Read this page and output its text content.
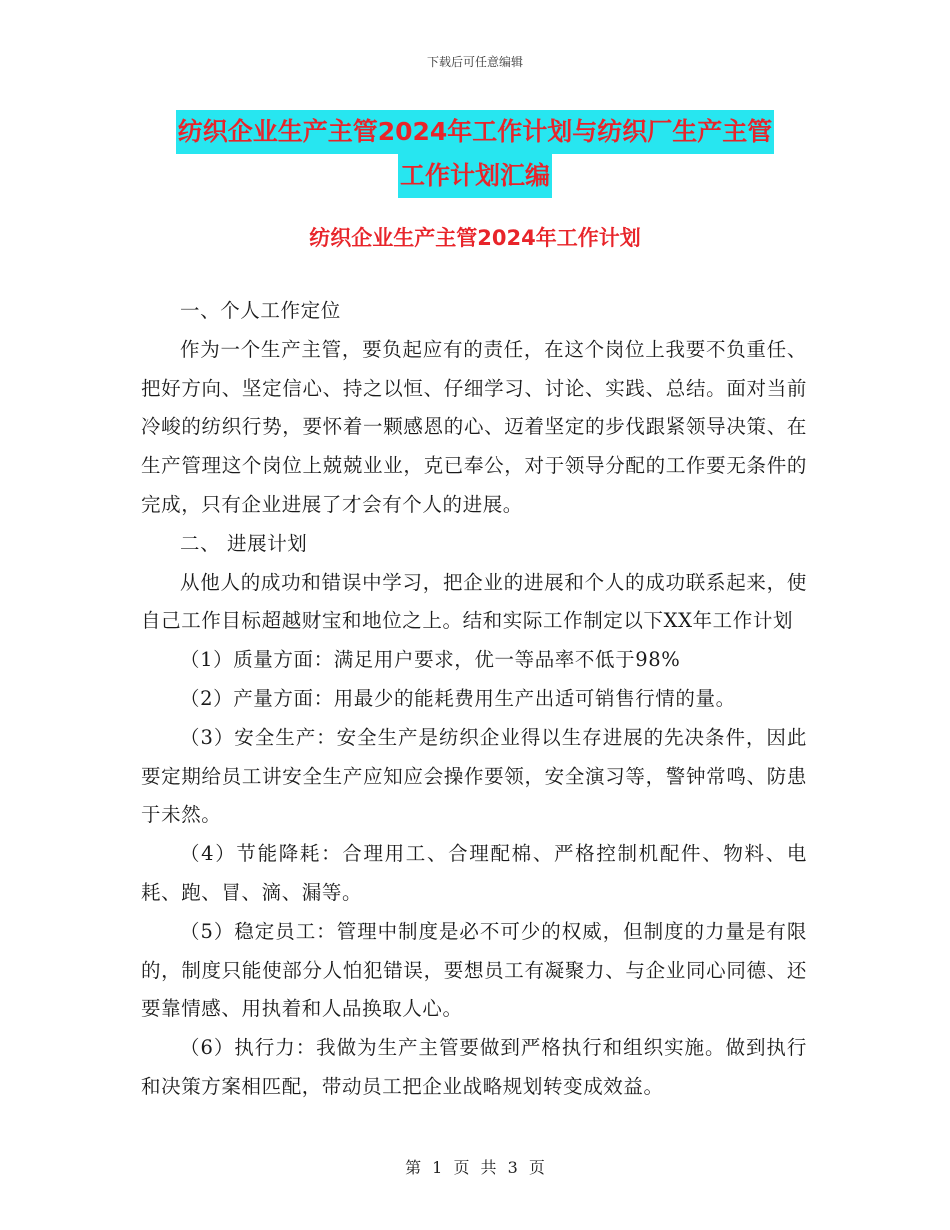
下载后可任意编辑
纺织企业生产主管2024年工作计划与纺织厂生产主管
工作计划汇编
纺织企业生产主管2024年工作计划

一、个人工作定位

作为一个生产主管，要负起应有的责任，在这个岗位上我要不负重任、把好方向、坚定信心、持之以恒、仔细学习、讨论、实践、总结。面对当前冷峻的纺织行势，要怀着一颗感恩的心、迈着坚定的步伐跟紧领导决策、在生产管理这个岗位上兢兢业业，克已奉公，对于领导分配的工作要无条件的完成，只有企业进展了才会有个人的进展。

二、 进展计划

从他人的成功和错误中学习，把企业的进展和个人的成功联系起来，使自己工作目标超越财宝和地位之上。结和实际工作制定以下XX年工作计划

（1）质量方面：满足用户要求，优一等品率不低于98%

（2）产量方面：用最少的能耗费用生产出适可销售行情的量。

（3）安全生产：安全生产是纺织企业得以生存进展的先决条件，因此要定期给员工讲安全生产应知应会操作要领，安全演习等，警钟常鸣、防患于未然。

（4）节能降耗：合理用工、合理配棉、严格控制机配件、物料、电耗、跑、冒、滴、漏等。

（5）稳定员工：管理中制度是必不可少的权威，但制度的力量是有限的，制度只能使部分人怕犯错误，要想员工有凝聚力、与企业同心同德、还要靠情感、用执着和人品换取人心。

（6）执行力：我做为生产主管要做到严格执行和组织实施。做到执行和决策方案相匹配，带动员工把企业战略规划转变成效益。

第 1 页 共 3 页
